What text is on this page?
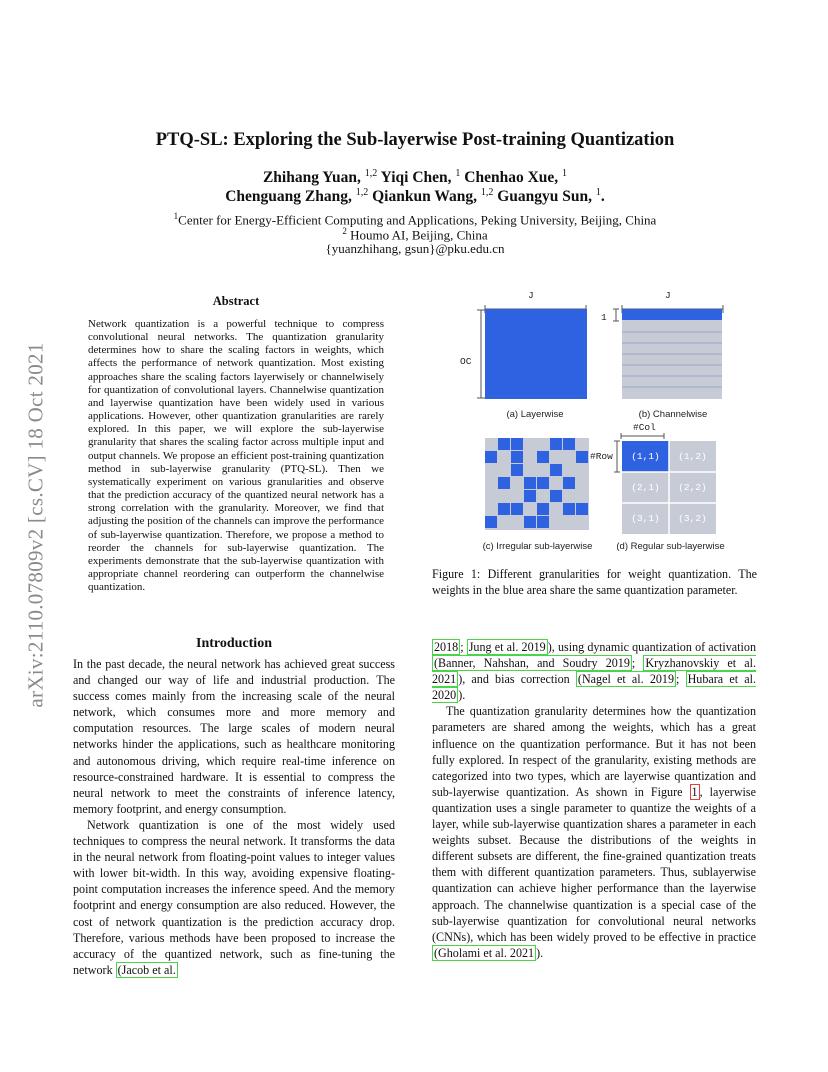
arXiv:2110.07809v2 [cs.CV] 18 Oct 2021
PTQ-SL: Exploring the Sub-layerwise Post-training Quantization
Zhihang Yuan, $^{1,2}$ Yiqi Chen, $^1$ Chenhao Xue, $^1$
Chenguang Zhang, $^{1,2}$ Qiankun Wang, $^{1,2}$ Guangyu Sun, $^1$.
$^1$Center for Energy-Efficient Computing and Applications, Peking University, Beijing, China
$^2$ Houmo AI, Beijing, China
{yuanzhihang, gsun}@pku.edu.cn
Abstract
Network quantization is a powerful technique to compress convolutional neural networks. The quantization granularity determines how to share the scaling factors in weights, which affects the performance of network quantization. Most existing approaches share the scaling factors layerwisely or channelwisely for quantization of convolutional layers. Channelwise quantization and layerwise quantization have been widely used in various applications. However, other quantization granularities are rarely explored. In this paper, we will explore the sub-layerwise granularity that shares the scaling factor across multiple input and output channels. We propose an efficient post-training quantization method in sub-layerwise granularity (PTQ-SL). Then we systematically experiment on various granularities and observe that the prediction accuracy of the quantized neural network has a strong correlation with the granularity. Moreover, we find that adjusting the position of the channels can improve the performance of sub-layerwise quantization. Therefore, we propose a method to reorder the channels for sub-layerwise quantization. The experiments demonstrate that the sub-layerwise quantization with appropriate channel reordering can outperform the channelwise quantization.
Introduction

In the past decade, the neural network has achieved great success and changed our way of life and industrial production. The success comes mainly from the increasing scale of the neural network, which consumes more and more memory and computation resources. The large scales of modern neural networks hinder the applications, such as healthcare monitoring and autonomous driving, which require real-time inference on resource-constrained hardware. It is essential to compress the neural network to meet the constraints of inference latency, memory footprint, and energy consumption.

Network quantization is one of the most widely used techniques to compress the neural network. It transforms the data in the neural network from floating-point values to integer values with lower bit-width. In this way, avoiding expensive floating-point computation increases the inference speed. And the memory footprint and energy consumption are also reduced. However, the cost of network quantization is the prediction accuracy drop. Therefore, various methods have been proposed to increase the accuracy of the quantized network, such as fine-tuning the network (Jacob et al.

2018 ; Jung et al. 2019 ), using dynamic quantization of activation (Banner, Nahshan, and Soudry 2019 ; Kryzhanovskiy et al. 2021 ), and bias correction (Nagel et al. 2019 ; Hubara et al. 2020 ).

The quantization granularity determines how the quantization parameters are shared among the weights, which has a great influence on the quantization performance. But it has not been fully explored. In respect of the granularity, existing methods are categorized into two types, which are layerwise quantization and sub-layerwise quantization. As shown in Figure 1 , layerwise quantization uses a single parameter to quantize the weights of a layer, while sub-layerwise quantization shares a parameter in each weights subset. Because the distributions of the weights in different subsets are different, the fine-grained quantization treats them with different quantization parameters. Thus, sublayerwise quantization can achieve higher performance than the layerwise approach. The channelwise quantization is a special case of the sub-layerwise quantization for convolutional neural networks (CNNs), which has been widely proved to be effective in practice (Gholami et al. 2021 ).

J
OC
(a) Layerwise
J
1
(b) Channelwise
(c) Irregular sub-layerwise
#Col
#Row	(1,1)	(1,2)
(2,1)	(2,2)
(3,1)	(3,2)
(d) Regular sub-layerwise
Figure 1: Different granularities for weight quantization. The weights in the blue area share the same quantization parameter.
